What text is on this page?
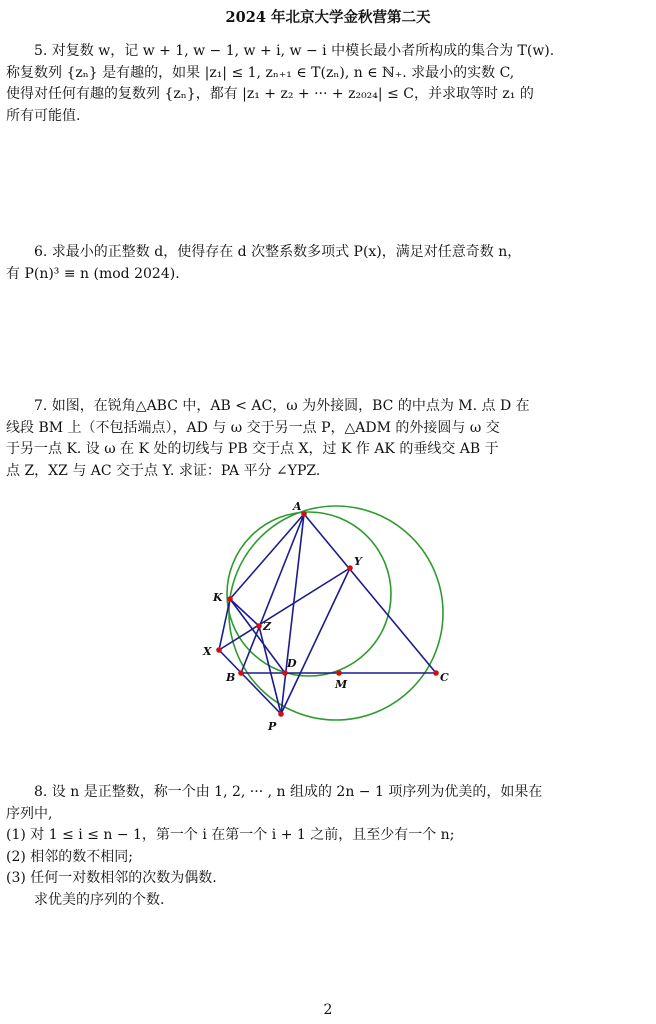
2024 年北京大学金秋营第二天

5. 对复数 w，记 w + 1, w − 1, w + i, w − i 中模长最小者所构成的集合为 T(w).

称复数列 {zₙ} 是有趣的，如果 |z₁| ≤ 1, zₙ₊₁ ∈ T(zₙ), n ∈ ℕ₊. 求最小的实数 C,

使得对任何有趣的复数列 {zₙ}，都有 |z₁ + z₂ + ··· + z₂₀₂₄| ≤ C，并求取等时 z₁ 的

所有可能值.

6. 求最小的正整数 d，使得存在 d 次整系数多项式 P(x)，满足对任意奇数 n，

有 P(n)³ ≡ n (mod 2024).

7. 如图，在锐角△ABC 中，AB < AC，ω 为外接圆，BC 的中点为 M. 点 D 在

线段 BM 上（不包括端点），AD 与 ω 交于另一点 P，△ADM 的外接圆与 ω 交

于另一点 K. 设 ω 在 K 处的切线与 PB 交于点 X，过 K 作 AK 的垂线交 AB 于

点 Z，XZ 与 AC 交于点 Y. 求证：PA 平分 ∠YPZ.

A
Y
K
Z
X
D
B
M
C
P

8. 设 n 是正整数，称一个由 1, 2, ··· , n 组成的 2n − 1 项序列为优美的，如果在

序列中,

(1) 对 1 ≤ i ≤ n − 1，第一个 i 在第一个 i + 1 之前，且至少有一个 n;

(2) 相邻的数不相同;

(3) 任何一对数相邻的次数为偶数.

求优美的序列的个数.

2
